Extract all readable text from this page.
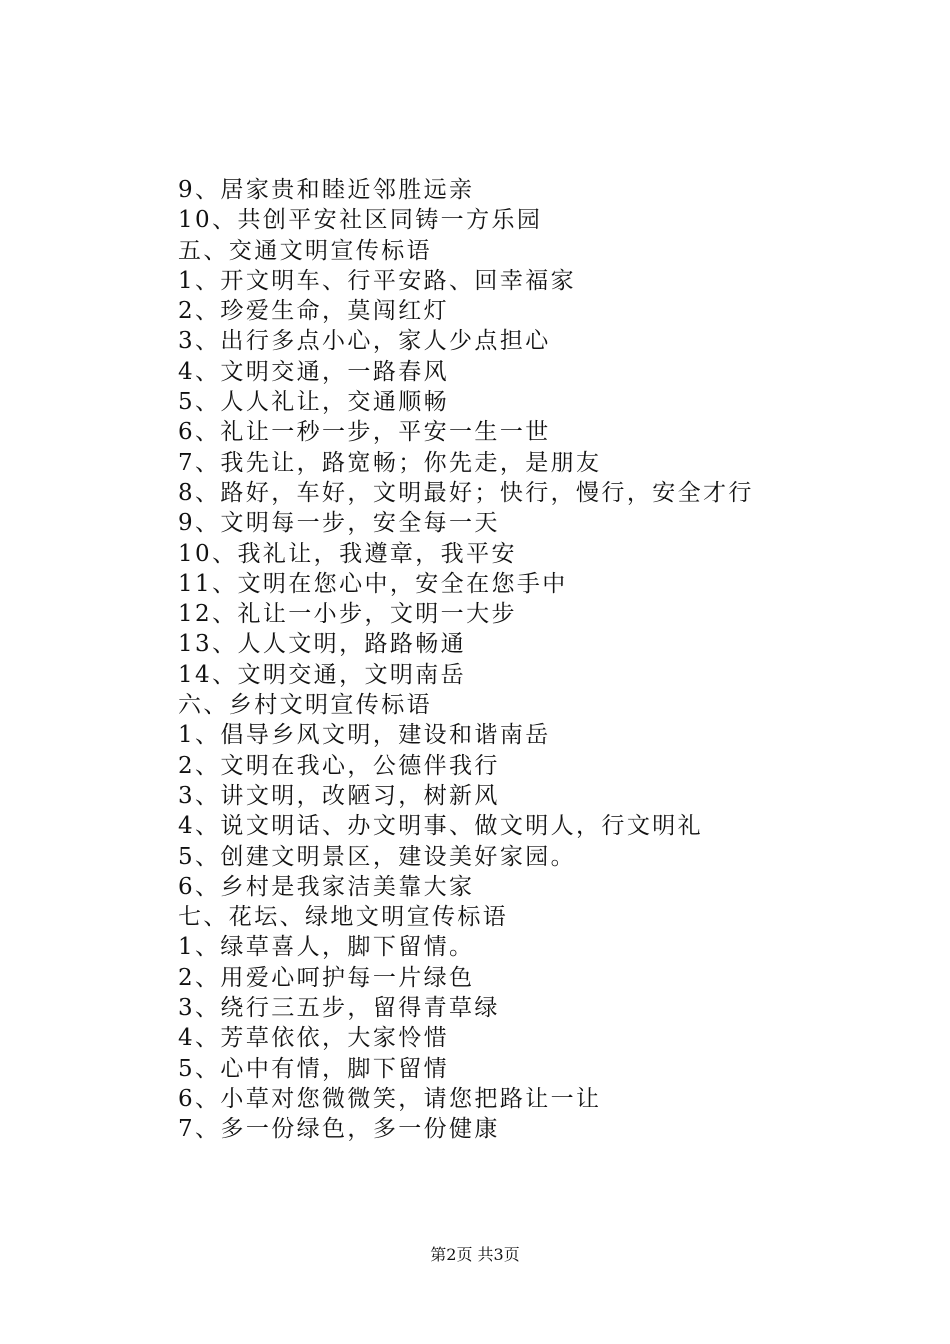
9、居家贵和睦近邻胜远亲
10、共创平安社区同铸一方乐园
五、交通文明宣传标语
1、开文明车、行平安路、回幸福家
2、珍爱生命，莫闯红灯
3、出行多点小心，家人少点担心
4、文明交通，一路春风
5、人人礼让，交通顺畅
6、礼让一秒一步，平安一生一世
7、我先让，路宽畅；你先走，是朋友
8、路好，车好，文明最好；快行，慢行，安全才行
9、文明每一步，安全每一天
10、我礼让，我遵章，我平安
11、文明在您心中，安全在您手中
12、礼让一小步，文明一大步
13、人人文明，路路畅通
14、文明交通，文明南岳
六、乡村文明宣传标语
1、倡导乡风文明，建设和谐南岳
2、文明在我心，公德伴我行
3、讲文明，改陋习，树新风
4、说文明话、办文明事、做文明人，行文明礼
5、创建文明景区，建设美好家园。
6、乡村是我家洁美靠大家
七、花坛、绿地文明宣传标语
1、绿草喜人，脚下留情。
2、用爱心呵护每一片绿色
3、绕行三五步，留得青草绿
4、芳草依依，大家怜惜
5、心中有情，脚下留情
6、小草对您微微笑，请您把路让一让
7、多一份绿色，多一份健康
第2页 共3页
